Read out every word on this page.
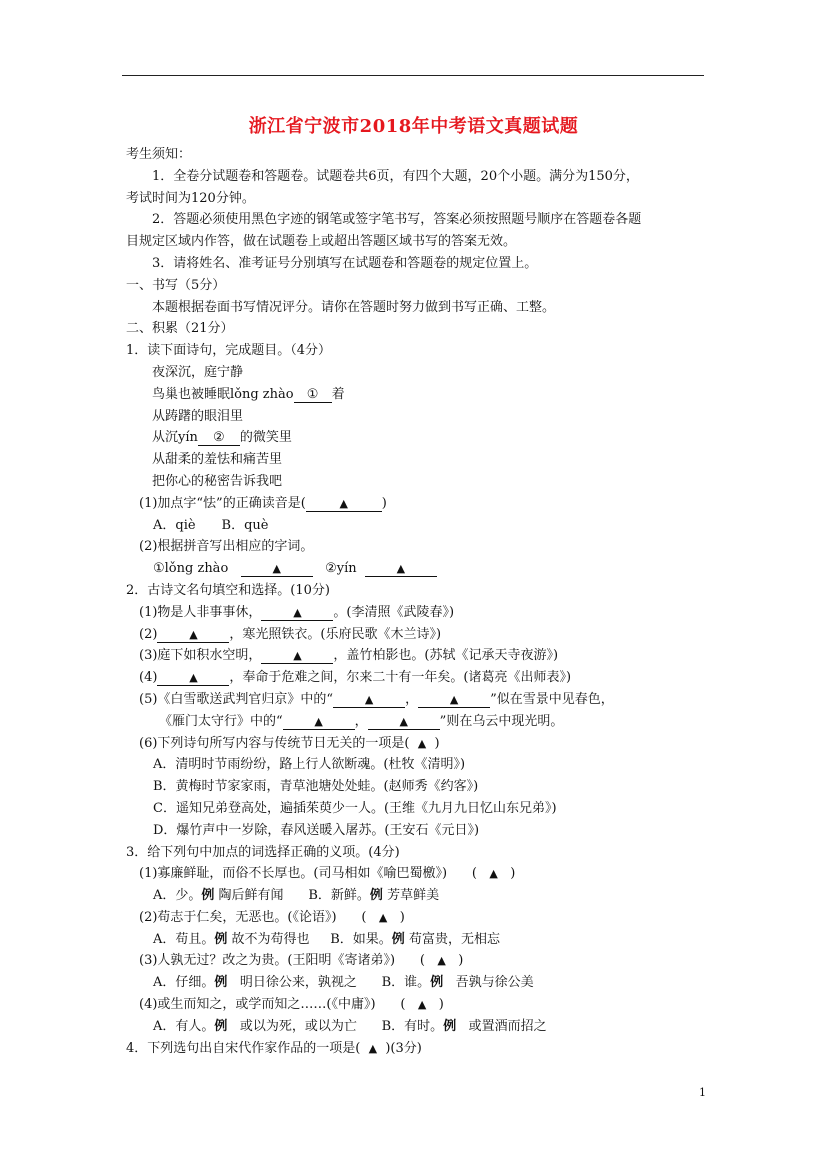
浙江省宁波市2018年中考语文真题试题
考生须知：
1．全卷分试题卷和答题卷。试题卷共6页，有四个大题，20个小题。满分为150分，
考试时间为120分钟。
2．答题必须使用黑色字迹的钢笔或签字笔书写，答案必须按照题号顺序在答题卷各题
目规定区域内作答，做在试题卷上或超出答题区域书写的答案无效。
3．请将姓名、准考证号分别填写在试题卷和答题卷的规定位置上。
一、书写（5分）
本题根据卷面书写情况评分。请你在答题时努力做到书写正确、工整。
二、积累（21分）
1．读下面诗句，完成题目。（4分）
夜深沉，庭宁静
鸟巢也被睡眠lǒng zhào ① 着
从踌躇的眼泪里
从沉yín ② 的微笑里
从甜柔的羞怯和痛苦里
把你心的秘密告诉我吧
(1)加点字“怯”的正确读音是(	▲	)
A．qiè　　B．què
(2)根据拼音写出相应的字词。
①lǒng zhào	▲	②yín	▲
2．古诗文名句填空和选择。(10分)
(1)物是人非事事休，	▲ 。(李清照《武陵春》)
(2)	▲ ，寒光照铁衣。(乐府民歌《木兰诗》)
(3)庭下如积水空明，	▲ ，盖竹柏影也。(苏轼《记承天寺夜游》)
(4)	▲ ，奉命于危难之间，尔来二十有一年矣。(诸葛亮《出师表》)
(5)《白雪歌送武判官归京》中的“	▲ ，	▲ ”似在雪景中见春色，
《雁门太守行》中的“	▲ ，	▲ ”则在乌云中现光明。
(6)下列诗句所写内容与传统节日无关的一项是( ▲ )
A．清明时节雨纷纷，路上行人欲断魂。(杜牧《清明》)
B．黄梅时节家家雨，青草池塘处处蛙。(赵师秀《约客》)
C．遥知兄弟登高处，遍插茱萸少一人。(王维《九月九日忆山东兄弟》)
D．爆竹声中一岁除，春风送暖入屠苏。(王安石《元日》)
3．给下列句中加点的词选择正确的义项。(4分)
(1)寡廉鲜耻，而俗不长厚也。(司马相如《喻巴蜀檄》)      (   ▲   )
A．少。例 陶后鲜有闻 B．新鲜。例 芳草鲜美
(2)苟志于仁矣，无恶也。(《论语》)      (   ▲   )
A．苟且。例 故不为苟得也 B．如果。例 苟富贵，无相忘
(3)人孰无过？改之为贵。(王阳明《寄诸弟》)      (   ▲   )
A．仔细。例 明日徐公来，孰视之 B．谁。例 吾孰与徐公美
(4)或生而知之，或学而知之……(《中庸》)      (   ▲   )
A．有人。例 或以为死，或以为亡 B．有时。例 或置酒而招之
4．下列选句出自宋代作家作品的一项是( ▲ )(3分)
1
